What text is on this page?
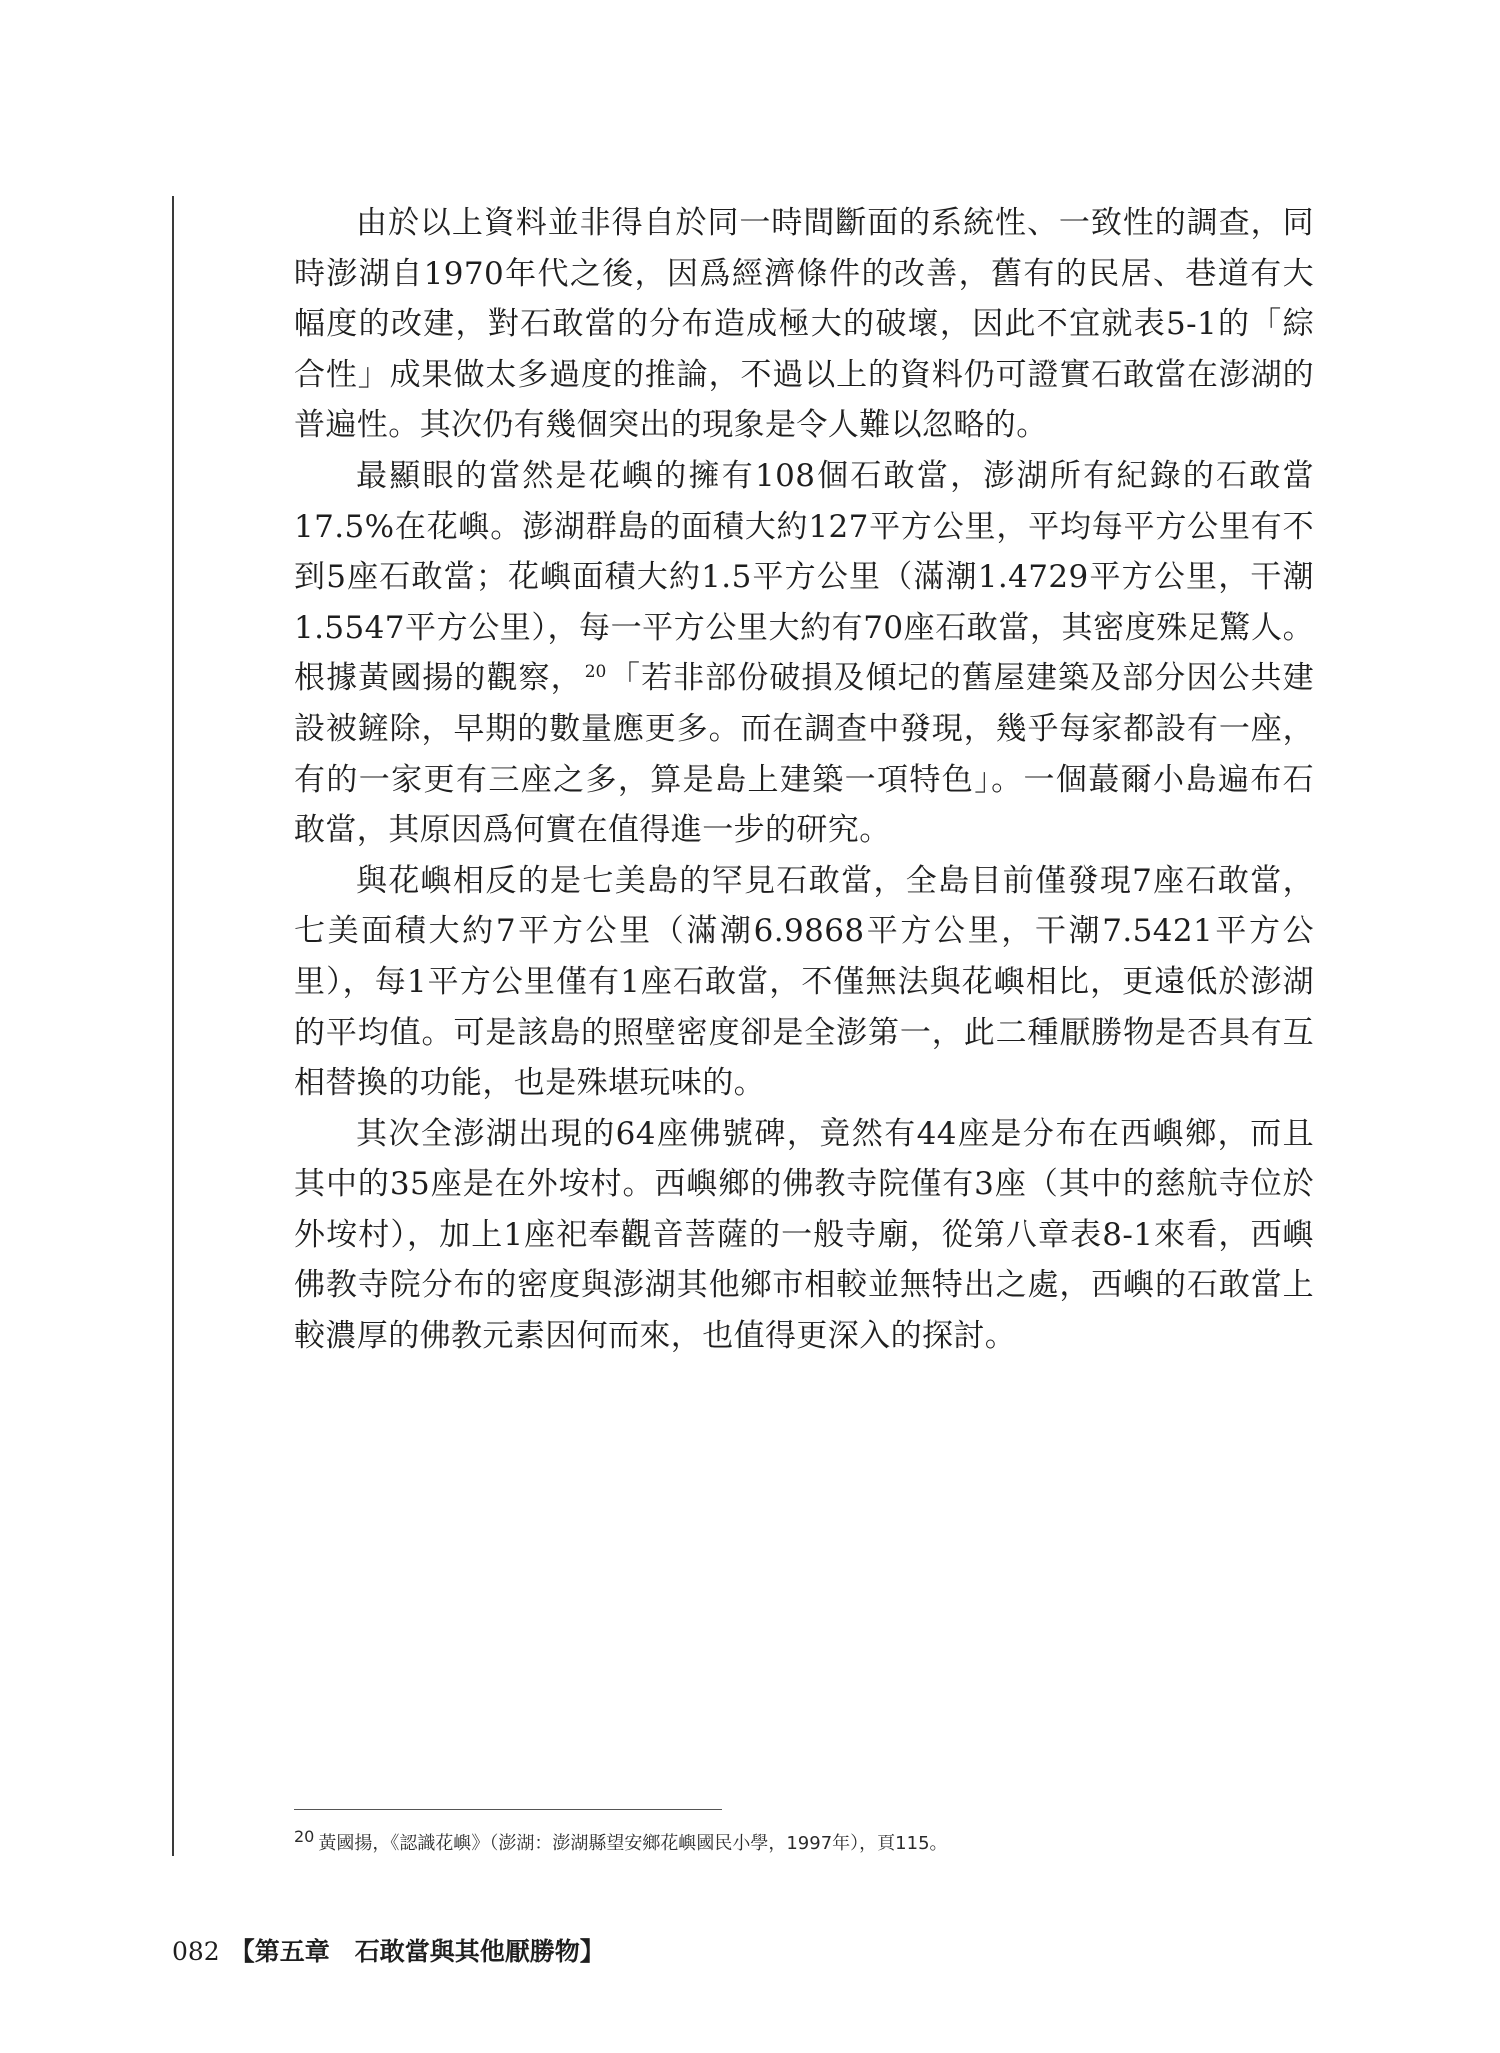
由於以上資料並非得自於同一時間斷面的系統性、一致性的調查，同時澎湖自1970年代之後，因爲經濟條件的改善，舊有的民居、巷道有大幅度的改建，對石敢當的分布造成極大的破壞，因此不宜就表5-1的「綜合性」成果做太多過度的推論，不過以上的資料仍可證實石敢當在澎湖的普遍性。其次仍有幾個突出的現象是令人難以忽略的。

最顯眼的當然是花嶼的擁有108個石敢當，澎湖所有紀錄的石敢當17.5%在花嶼。澎湖群島的面積大約127平方公里，平均每平方公里有不到5座石敢當；花嶼面積大約1.5平方公里（滿潮1.4729平方公里，干潮1.5547平方公里），每一平方公里大約有70座石敢當，其密度殊足驚人。根據黃國揚的觀察， $^{20}$「若非部份破損及傾圮的舊屋建築及部分因公共建設被鏟除，早期的數量應更多。而在調查中發現，幾乎每家都設有一座，有的一家更有三座之多，算是島上建築一項特色」。一個蕞爾小島遍布石敢當，其原因爲何實在值得進一步的研究。

與花嶼相反的是七美島的罕見石敢當，全島目前僅發現7座石敢當，七美面積大約7平方公里（滿潮6.9868平方公里，干潮7.5421平方公里），每1平方公里僅有1座石敢當，不僅無法與花嶼相比，更遠低於澎湖的平均值。可是該島的照壁密度卻是全澎第一，此二種厭勝物是否具有互相替換的功能，也是殊堪玩味的。

其次全澎湖出現的64座佛號碑，竟然有44座是分布在西嶼鄉，而且其中的35座是在外垵村。西嶼鄉的佛教寺院僅有3座（其中的慈航寺位於外垵村），加上1座祀奉觀音菩薩的一般寺廟，從第八章表8-1來看，西嶼佛教寺院分布的密度與澎湖其他鄉市相較並無特出之處，西嶼的石敢當上較濃厚的佛教元素因何而來，也值得更深入的探討。

20 黃國揚，《認識花嶼》（澎湖：澎湖縣望安鄉花嶼國民小學，1997年），頁115。
082 【第五章　石敢當與其他厭勝物】
